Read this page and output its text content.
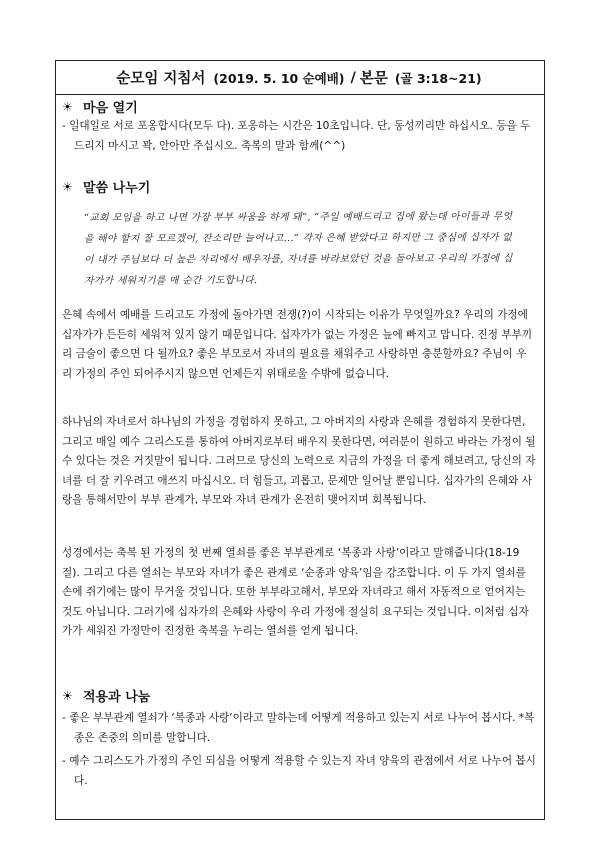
순모임 지침서 (2019. 5. 10 순예배) / 본문 (골 3:18~21)
☀ 마음 열기
- 일대일로 서로 포옹합시다(모두 다). 포옹하는 시간은 10초입니다. 단, 동성끼리만 하십시오. 등을 두드리지 마시고 꽉, 안아만 주십시오. 축복의 말과 함께(^^)
☀ 말씀 나누기
“교회 모임을 하고 나면 가장 부부 싸움을 하게 돼”, “주일 예배드리고 집에 왔는데 아이들과 무엇을 해야 할지 잘 모르겠어, 잔소리만 늘어나고...” 각자 은혜 받았다고 하지만 그 중심에 십자가 없이 내가 주님보다 더 높은 자리에서 배우자를, 자녀를 바라보았던 것을 돌아보고 우리의 가정에 십자가가 세워지기를 매 순간 기도합니다.
은혜 속에서 예배를 드리고도 가정에 돌아가면 전쟁(?)이 시작되는 이유가 무엇일까요? 우리의 가정에 십자가가 든든히 세워져 있지 않기 때문입니다. 십자가가 없는 가정은 늪에 빠지고 맙니다. 진정 부부끼리 금술이 좋으면 다 될까요? 좋은 부모로서 자녀의 필요를 채워주고 사랑하면 충분할까요? 주님이 우리 가정의 주인 되어주시지 않으면 언제든지 위태로울 수밖에 없습니다.
하나님의 자녀로서 하나님의 가정을 경험하지 못하고, 그 아버지의 사랑과 은혜를 경험하지 못한다면, 그리고 매일 예수 그리스도를 통하여 아버지로부터 배우지 못한다면, 여러분이 원하고 바라는 가정이 될 수 있다는 것은 거짓말이 됩니다. 그러므로 당신의 노력으로 지금의 가정을 더 좋게 해보려고, 당신의 자녀를 더 잘 키우려고 애쓰지 마십시오. 더 힘들고, 괴롭고, 문제만 일어날 뿐입니다. 십자가의 은혜와 사랑을 통해서만이 부부 관계가, 부모와 자녀 관계가 온전히 맺어지며 회복됩니다.
성경에서는 축복 된 가정의 첫 번째 열쇠를 좋은 부부관계로 ‘복종과 사랑’이라고 말해줍니다(18-19절). 그리고 다른 열쇠는 부모와 자녀가 좋은 관계로 ‘순종과 양육’임을 강조합니다. 이 두 가지 열쇠를 손에 쥐기에는 많이 무거울 것입니다. 또한 부부라고해서, 부모와 자녀라고 해서 자동적으로 얻어지는 것도 아닙니다. 그러기에 십자가의 은혜와 사랑이 우리 가정에 절실히 요구되는 것입니다. 이처럼 십자가가 세워진 가정만이 진정한 축복을 누리는 열쇠를 얻게 됩니다.
☀ 적용과 나눔
- 좋은 부부관계 열쇠가 ‘복종과 사랑’이라고 말하는데 어떻게 적용하고 있는지 서로 나누어 봅시다. *복종은 존중의 의미를 말합니다.
- 예수 그리스도가 가정의 주인 되심을 어떻게 적용할 수 있는지 자녀 양육의 관점에서 서로 나누어 봅시다.
